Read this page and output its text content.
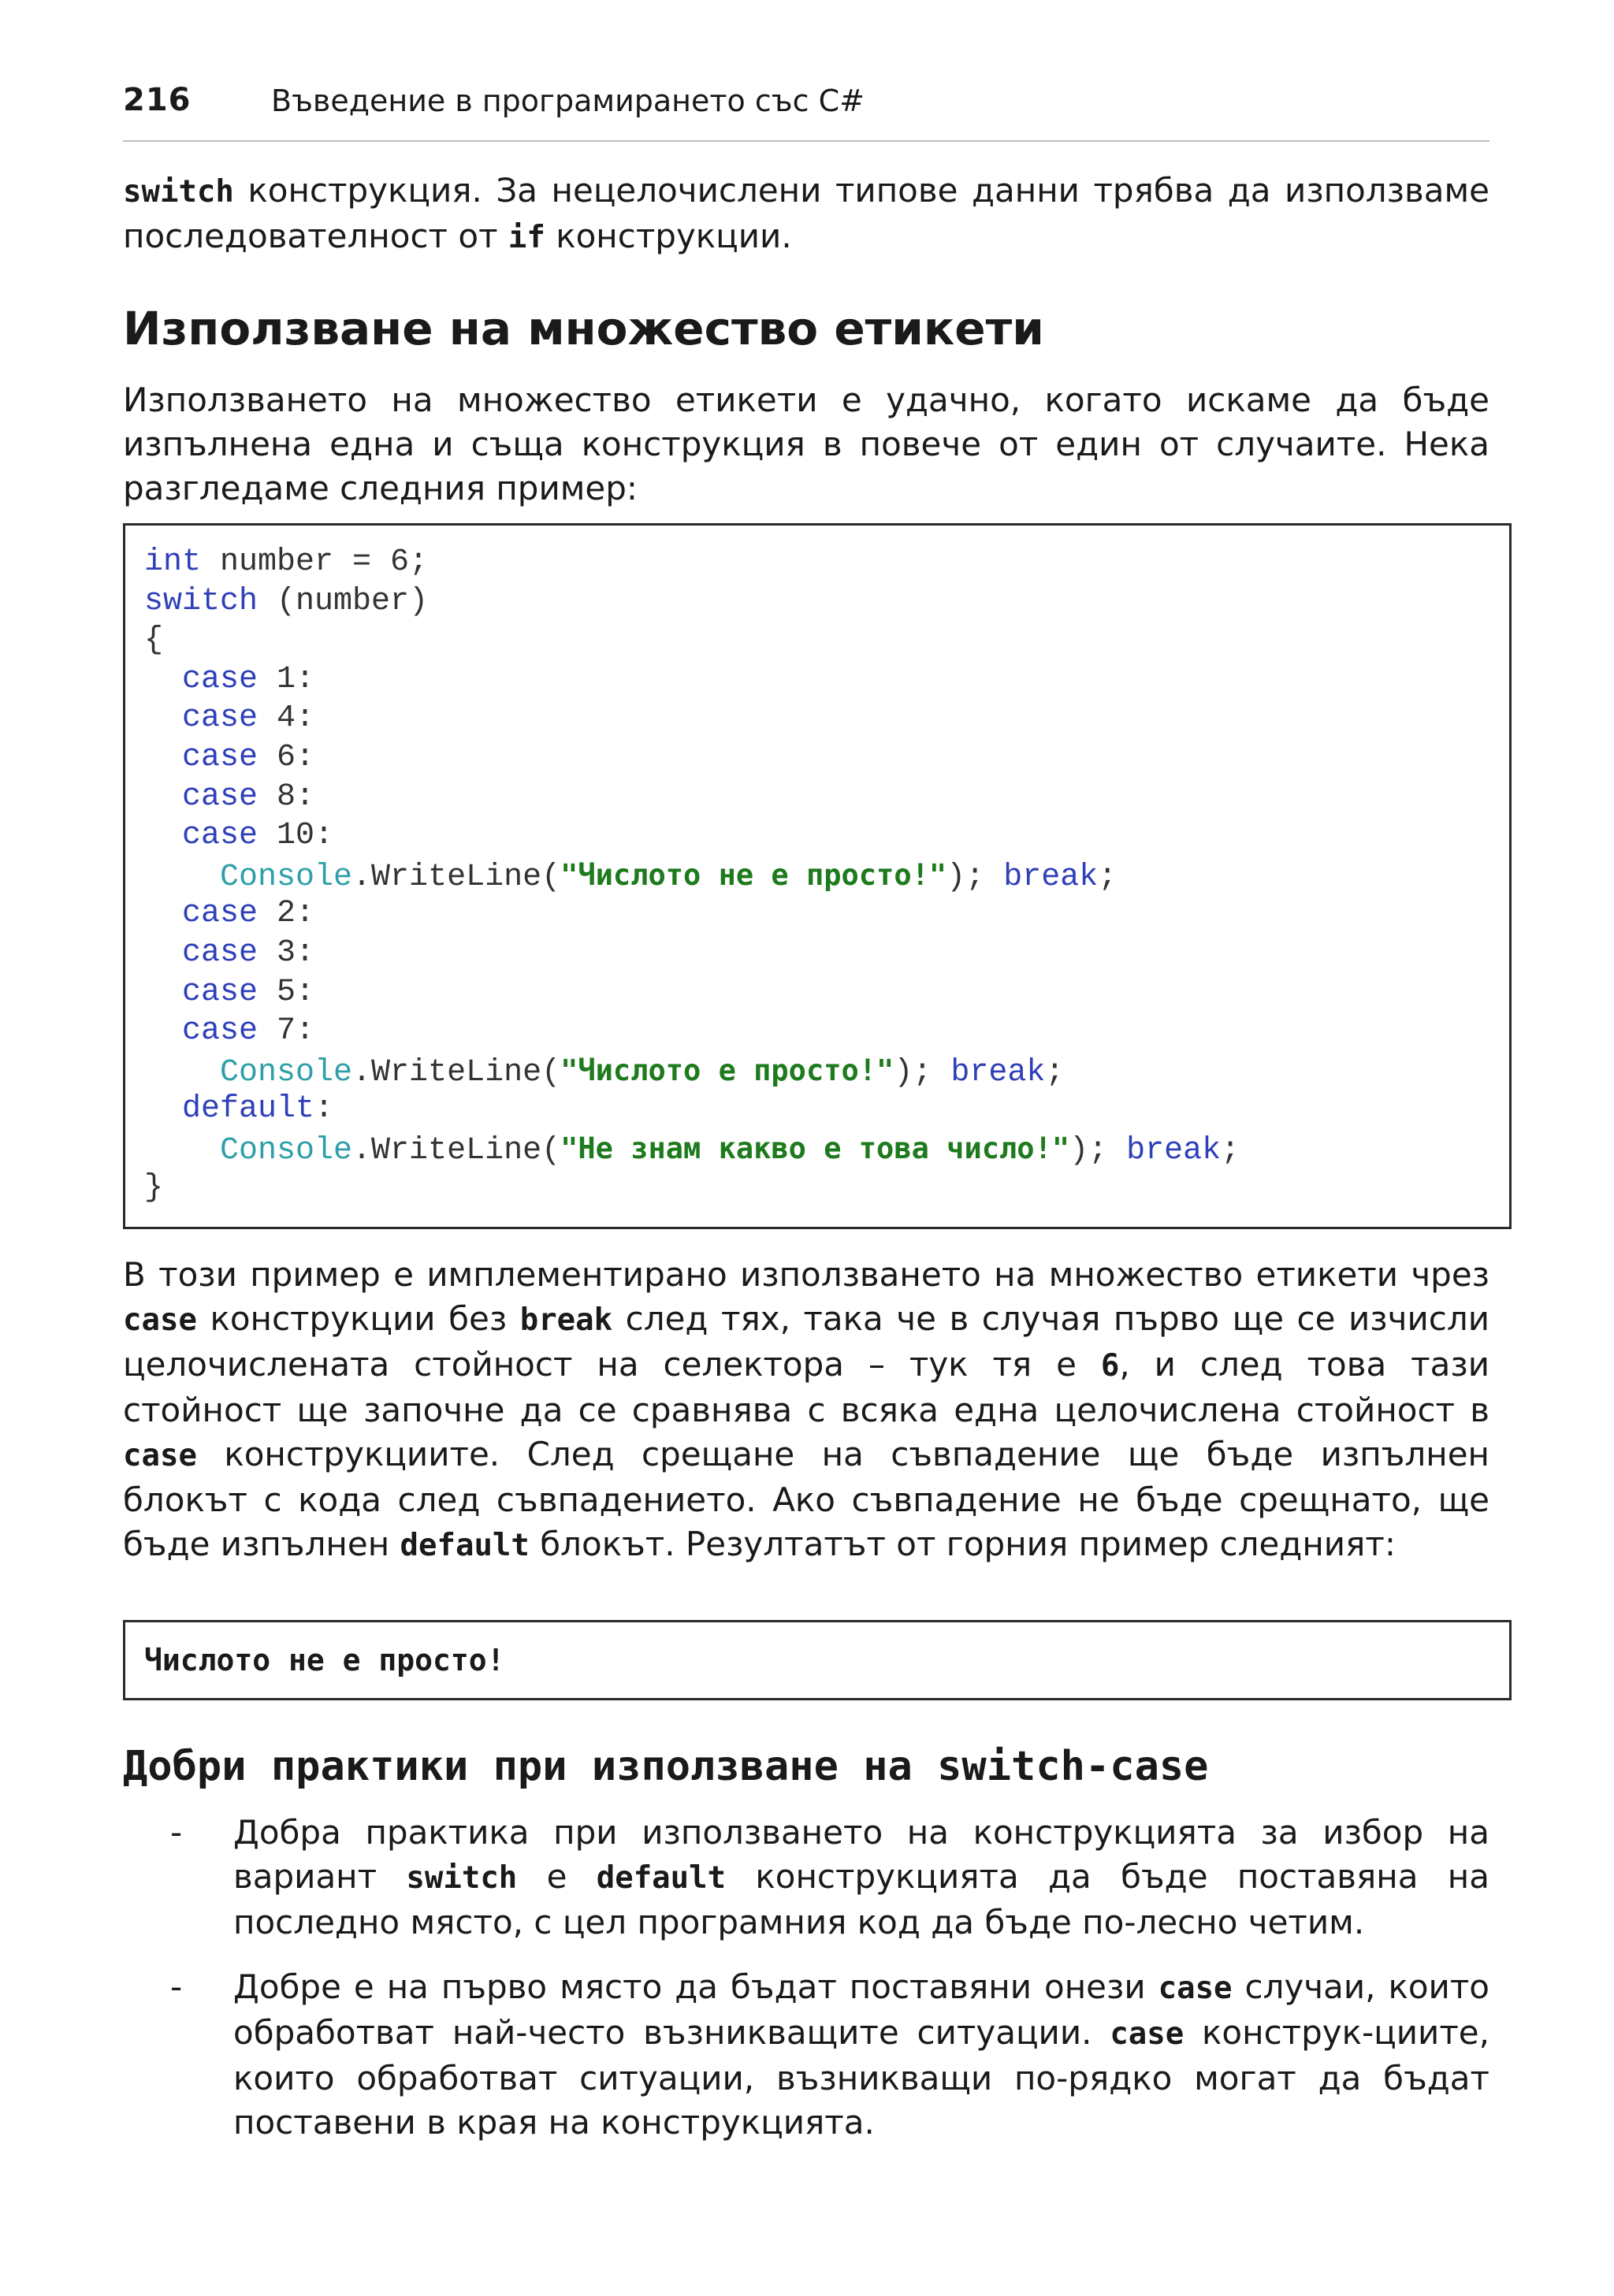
216	Въведение в програмирането със C#

switch конструкция. За нецелочислени типове данни трябва да използваме последователност от if конструкции.

Използване на множество етикети

Използването на множество етикети е удачно, когато искаме да бъде изпълнена една и съща конструкция в повече от един от случаите. Нека разгледаме следния пример:

int number = 6;
switch (number)
{
case 1:
case 4:
case 6:
case 8:
case 10:
Console.WriteLine("Числото не е просто!"); break;
case 2:
case 3:
case 5:
case 7:
Console.WriteLine("Числото е просто!"); break;
default:
Console.WriteLine("Не знам какво е това число!"); break;
}

В този пример е имплементирано използването на множество етикети чрез case конструкции без break след тях, така че в случая първо ще се изчисли целочислената стойност на селектора – тук тя е 6, и след това тази стойност ще започне да се сравнява с всяка една целочислена стойност в case конструкциите. След срещане на съвпадение ще бъде изпълнен блокът с кода след съвпадението. Ако съвпадение не бъде срещнато, ще бъде изпълнен default блокът. Резултатът от горния пример следният:

Числото не е просто!
Добри практики при използване на switch-case
- Добра практика при използването на конструкцията за избор на вариант switch е default конструкцията да бъде поставяна на последно място, с цел програмния код да бъде по-лесно четим.
- Добре е на първо място да бъдат поставяни онези case случаи, които обработват най-често възникващите ситуации. case конструк-циите, които обработват ситуации, възникващи по-рядко могат да бъдат поставени в края на конструкцията.
